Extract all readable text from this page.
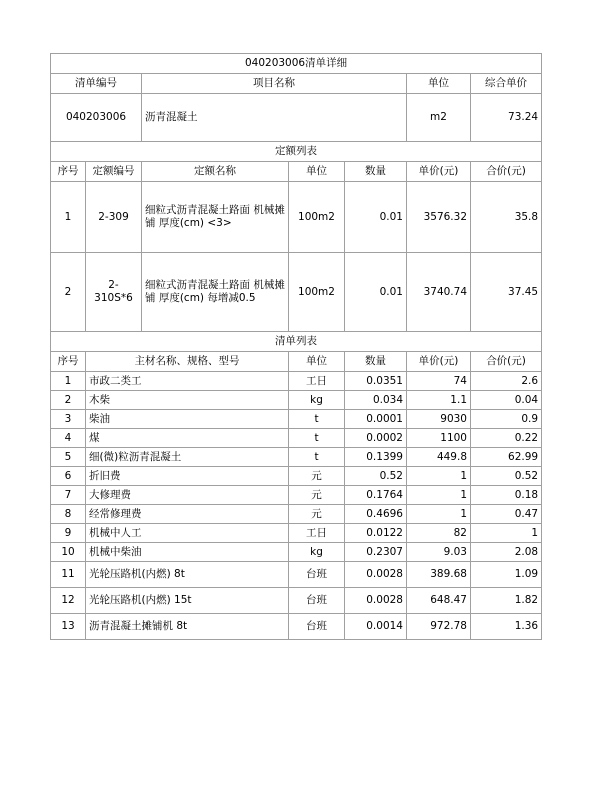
040203006清单详细						
清单编号		项目名称			单位	综合单价
040203006		沥青混凝土			m2	73.24
定额列表						
序号	定额编号	定额名称	单位	数量	单价(元)	合价(元)
1	2-309	细粒式沥青混凝土路面 机械摊铺 厚度(cm) <3>	100m2	0.01	3576.32	35.8
2	2-310S*6	细粒式沥青混凝土路面 机械摊铺 厚度(cm) 每增减0.5	100m2	0.01	3740.74	37.45
清单列表						
序号	主材名称、规格、型号		单位	数量	单价(元)	合价(元)
1	市政二类工		工日	0.0351	74	2.6
2	木柴		kg	0.034	1.1	0.04
3	柴油		t	0.0001	9030	0.9
4	煤		t	0.0002	1100	0.22
5	细(微)粒沥青混凝土		t	0.1399	449.8	62.99
6	折旧费		元	0.52	1	0.52
7	大修理费		元	0.1764	1	0.18
8	经常修理费		元	0.4696	1	0.47
9	机械中人工		工日	0.0122	82	1
10	机械中柴油		kg	0.2307	9.03	2.08
11	光轮压路机(内燃) 8t		台班	0.0028	389.68	1.09
12	光轮压路机(内燃) 15t		台班	0.0028	648.47	1.82
13	沥青混凝土摊铺机 8t		台班	0.0014	972.78	1.36
